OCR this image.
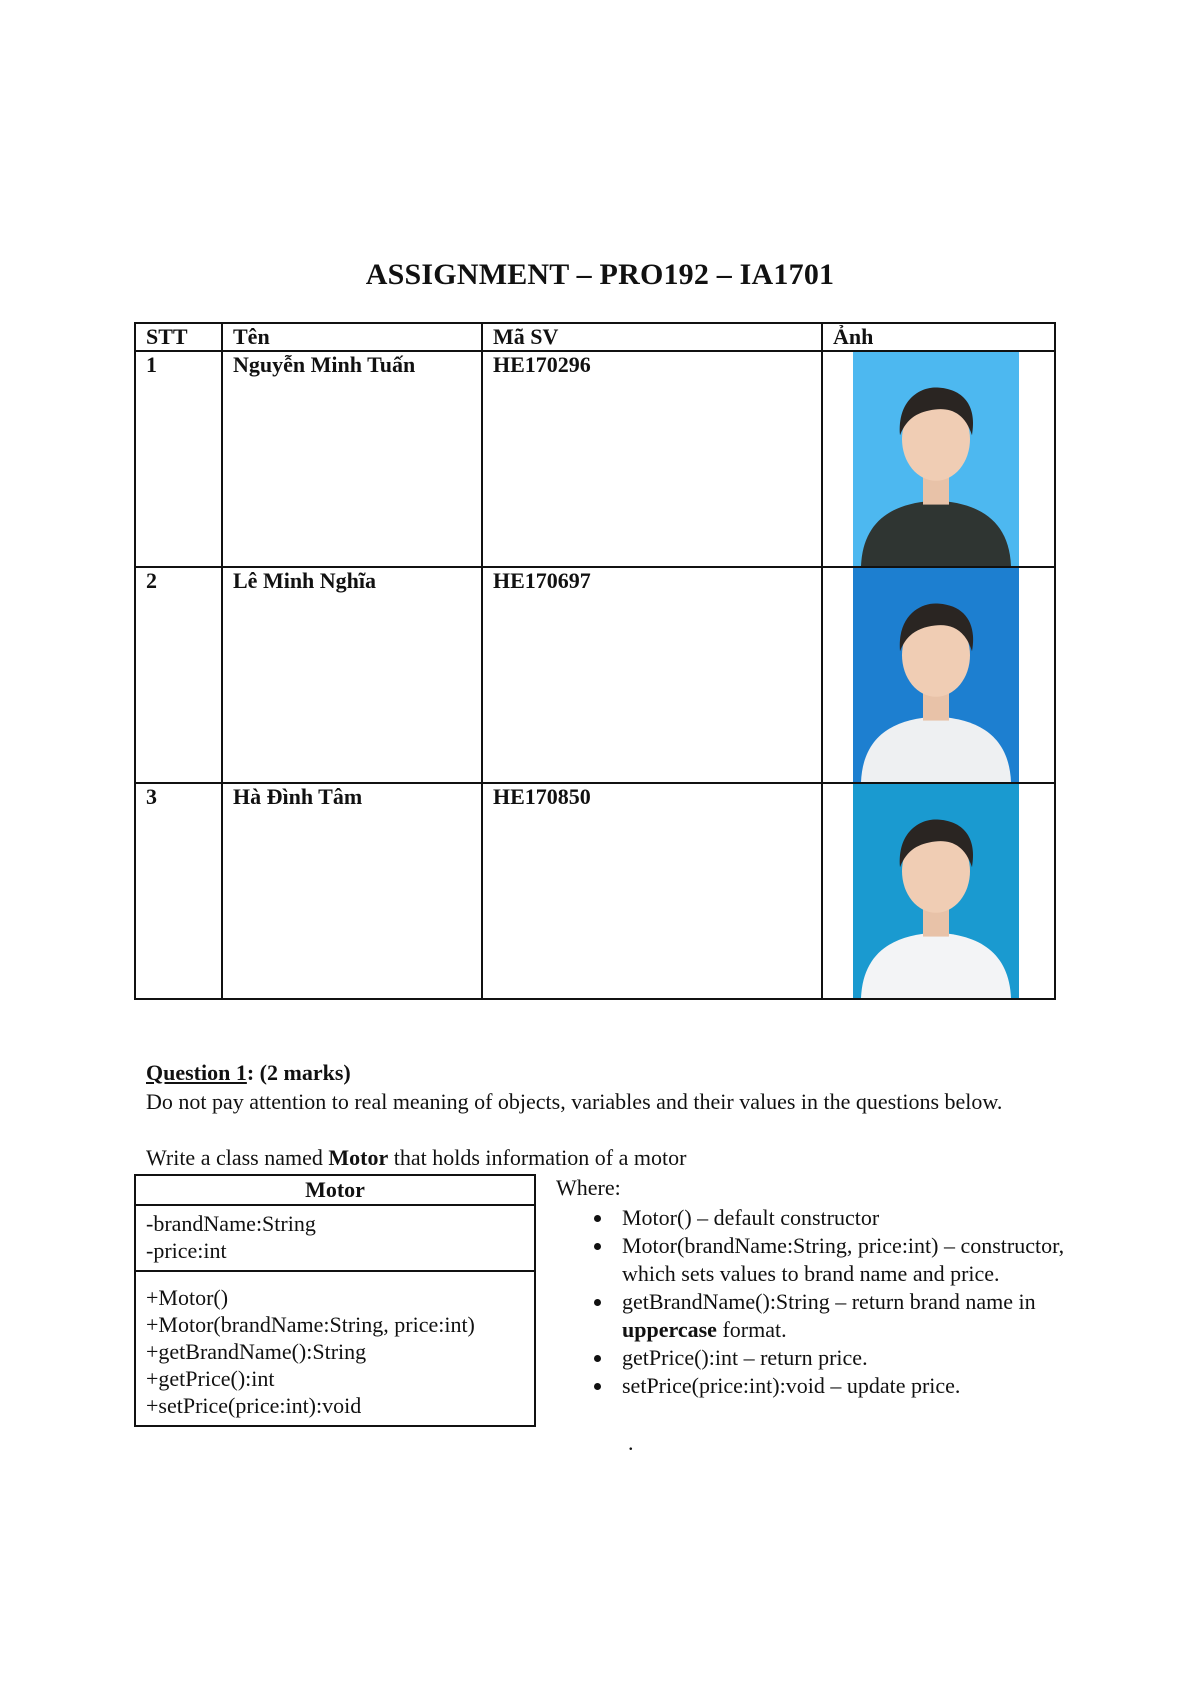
ASSIGNMENT – PRO192 – IA1701
STT	Tên	Mã SV	Ảnh
1	Nguyễn Minh Tuấn	HE170296	

2	Lê Minh Nghĩa	HE170697	

3	Hà Đình Tâm	HE170850	
Question 1: (2 marks)
Do not pay attention to real meaning of objects, variables and their values in the questions below.
Write a class named Motor that holds information of a motor
Motor
-brandName:String
-price:int
+Motor()
+Motor(brandName:String, price:int)
+getBrandName():String
+getPrice():int
+setPrice(price:int):void
Where:
• Motor() – default constructor
• Motor(brandName:String, price:int) – constructor, which sets values to brand name and price.
• getBrandName():String – return brand name in uppercase format.
• getPrice():int – return price.
• setPrice(price:int):void – update price.
.
